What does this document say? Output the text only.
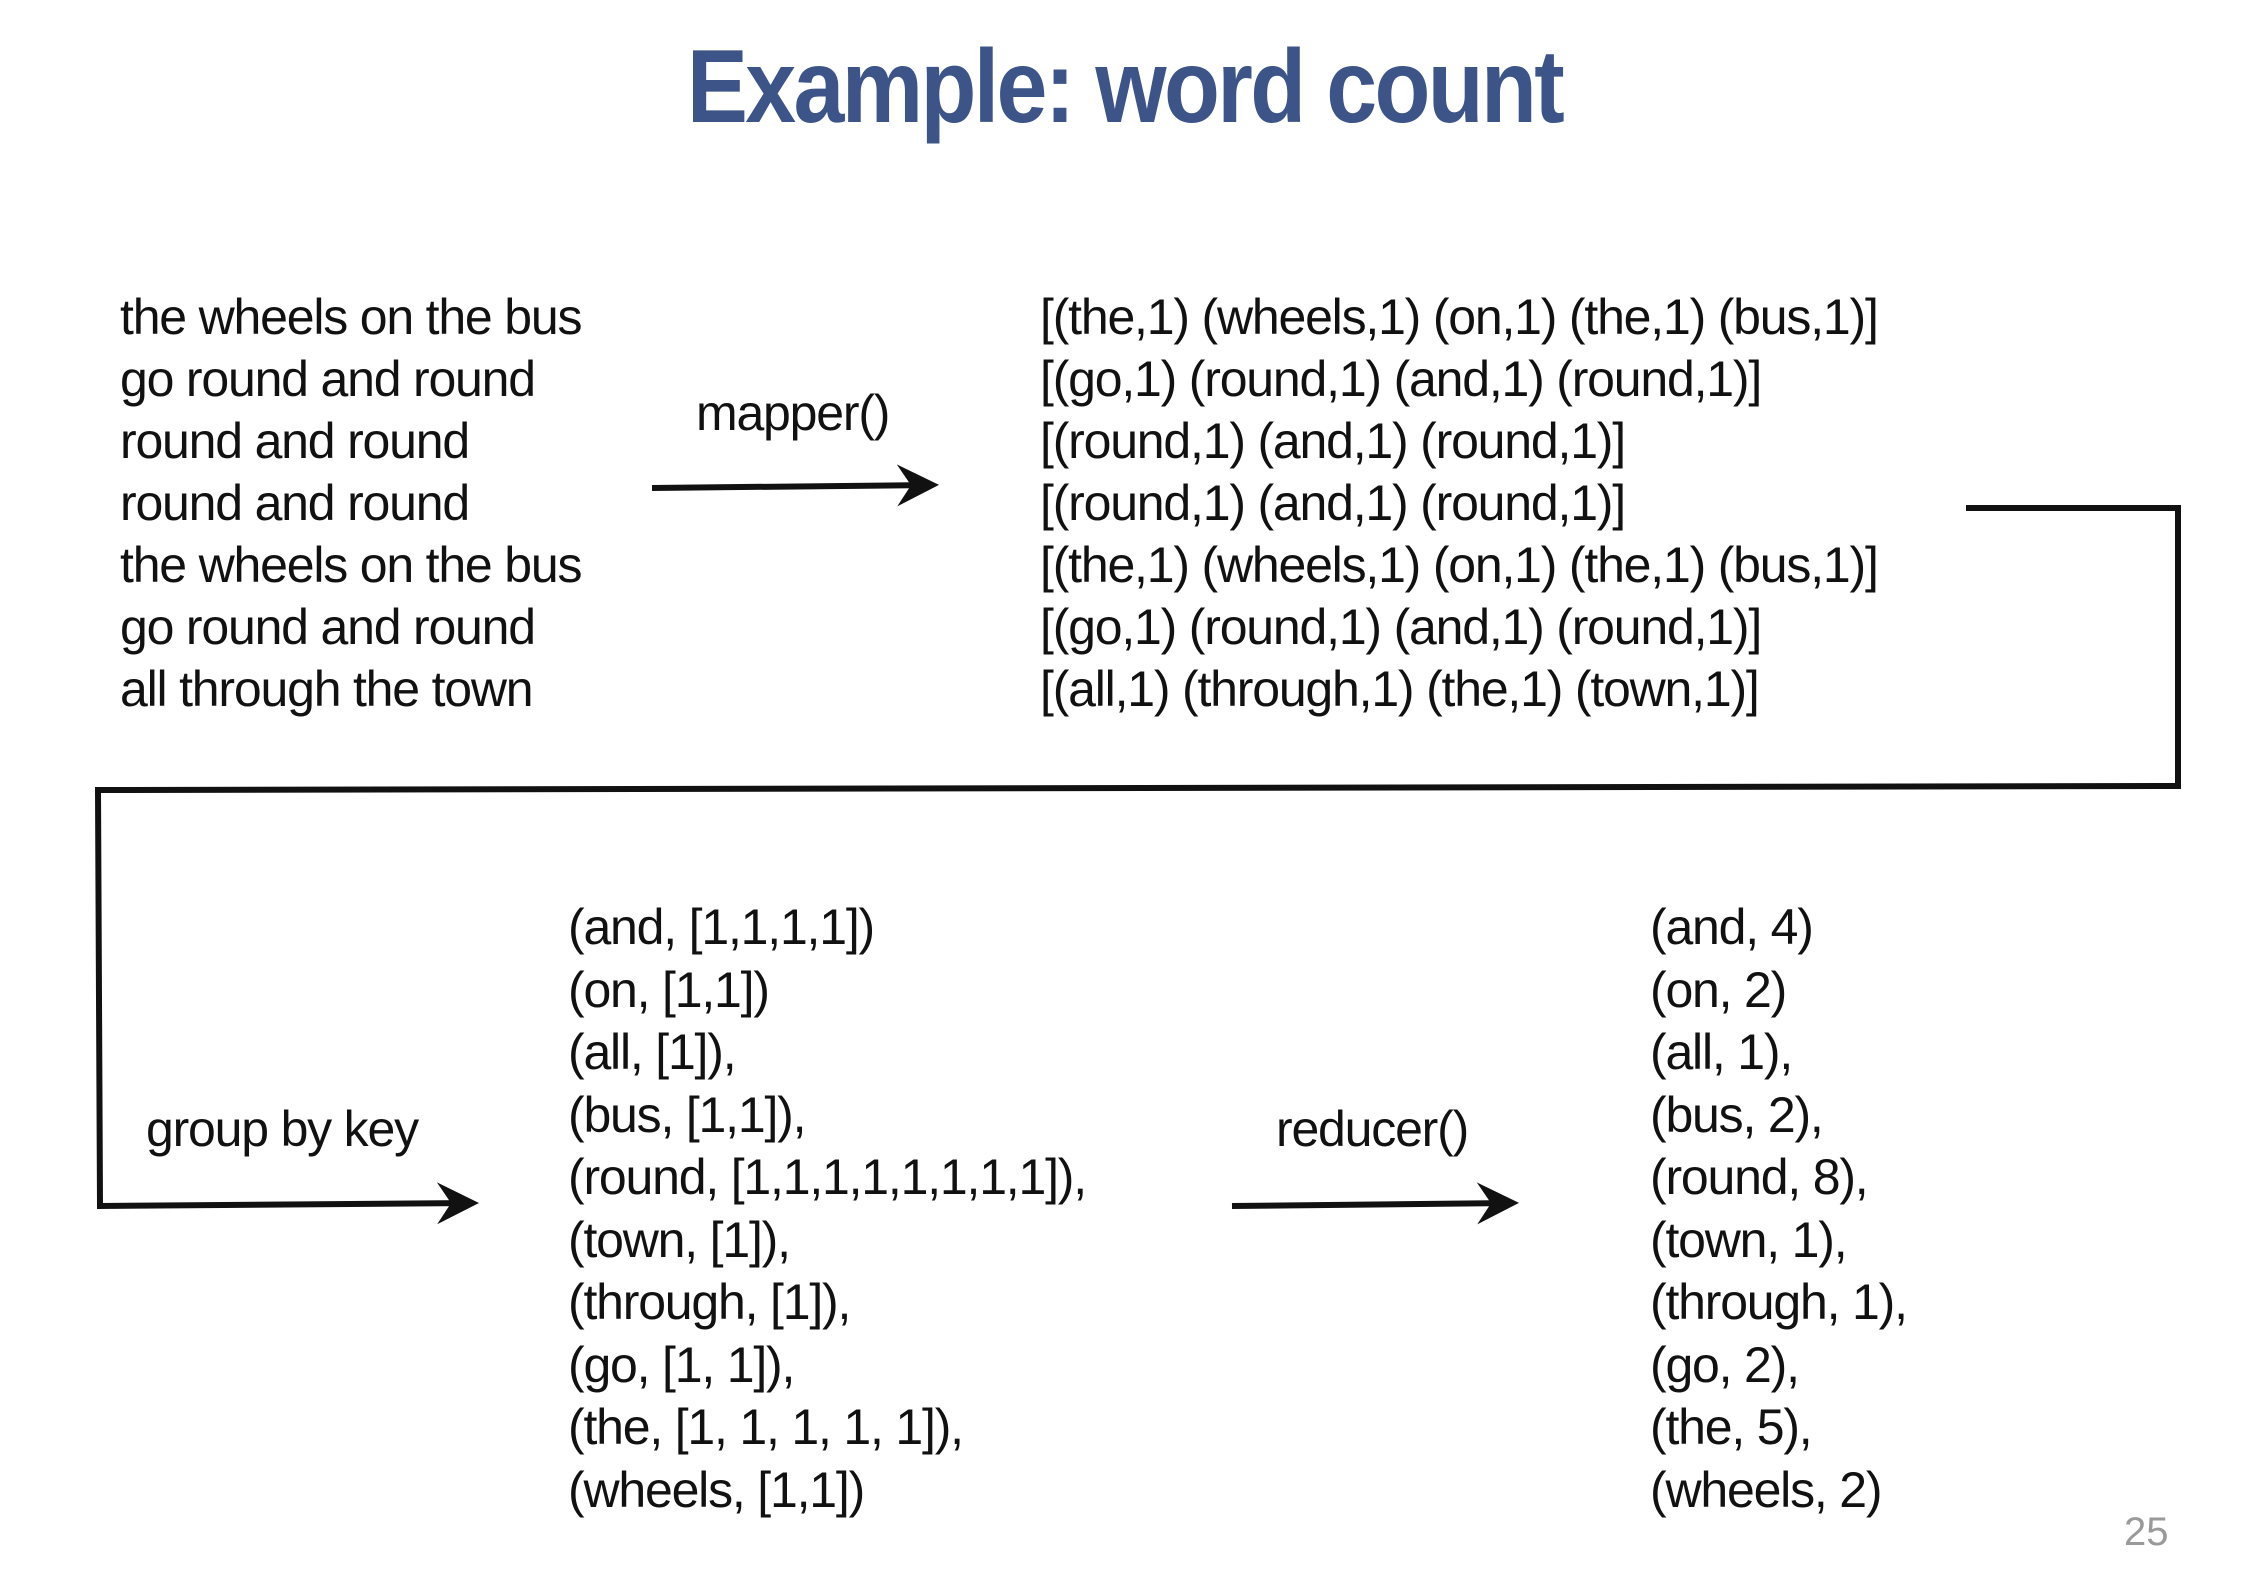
Example: word count
the wheels on the bus
go round and round
round and round
round and round
the wheels on the bus
go round and round
all through the town
mapper()
[(the,1) (wheels,1) (on,1) (the,1) (bus,1)]
[(go,1) (round,1) (and,1) (round,1)]
[(round,1) (and,1) (round,1)]
[(round,1) (and,1) (round,1)]
[(the,1) (wheels,1) (on,1) (the,1) (bus,1)]
[(go,1) (round,1) (and,1) (round,1)]
[(all,1) (through,1) (the,1) (town,1)]
group by key
(and, [1,1,1,1])
(on, [1,1])
(all, [1]),
(bus, [1,1]),
(round, [1,1,1,1,1,1,1,1]),
(town, [1]),
(through, [1]),
(go, [1, 1]),
(the, [1, 1, 1, 1, 1]),
(wheels, [1,1])
reducer()
(and, 4)
(on, 2)
(all, 1),
(bus, 2),
(round, 8),
(town, 1),
(through, 1),
(go, 2),
(the, 5),
(wheels, 2)
25
